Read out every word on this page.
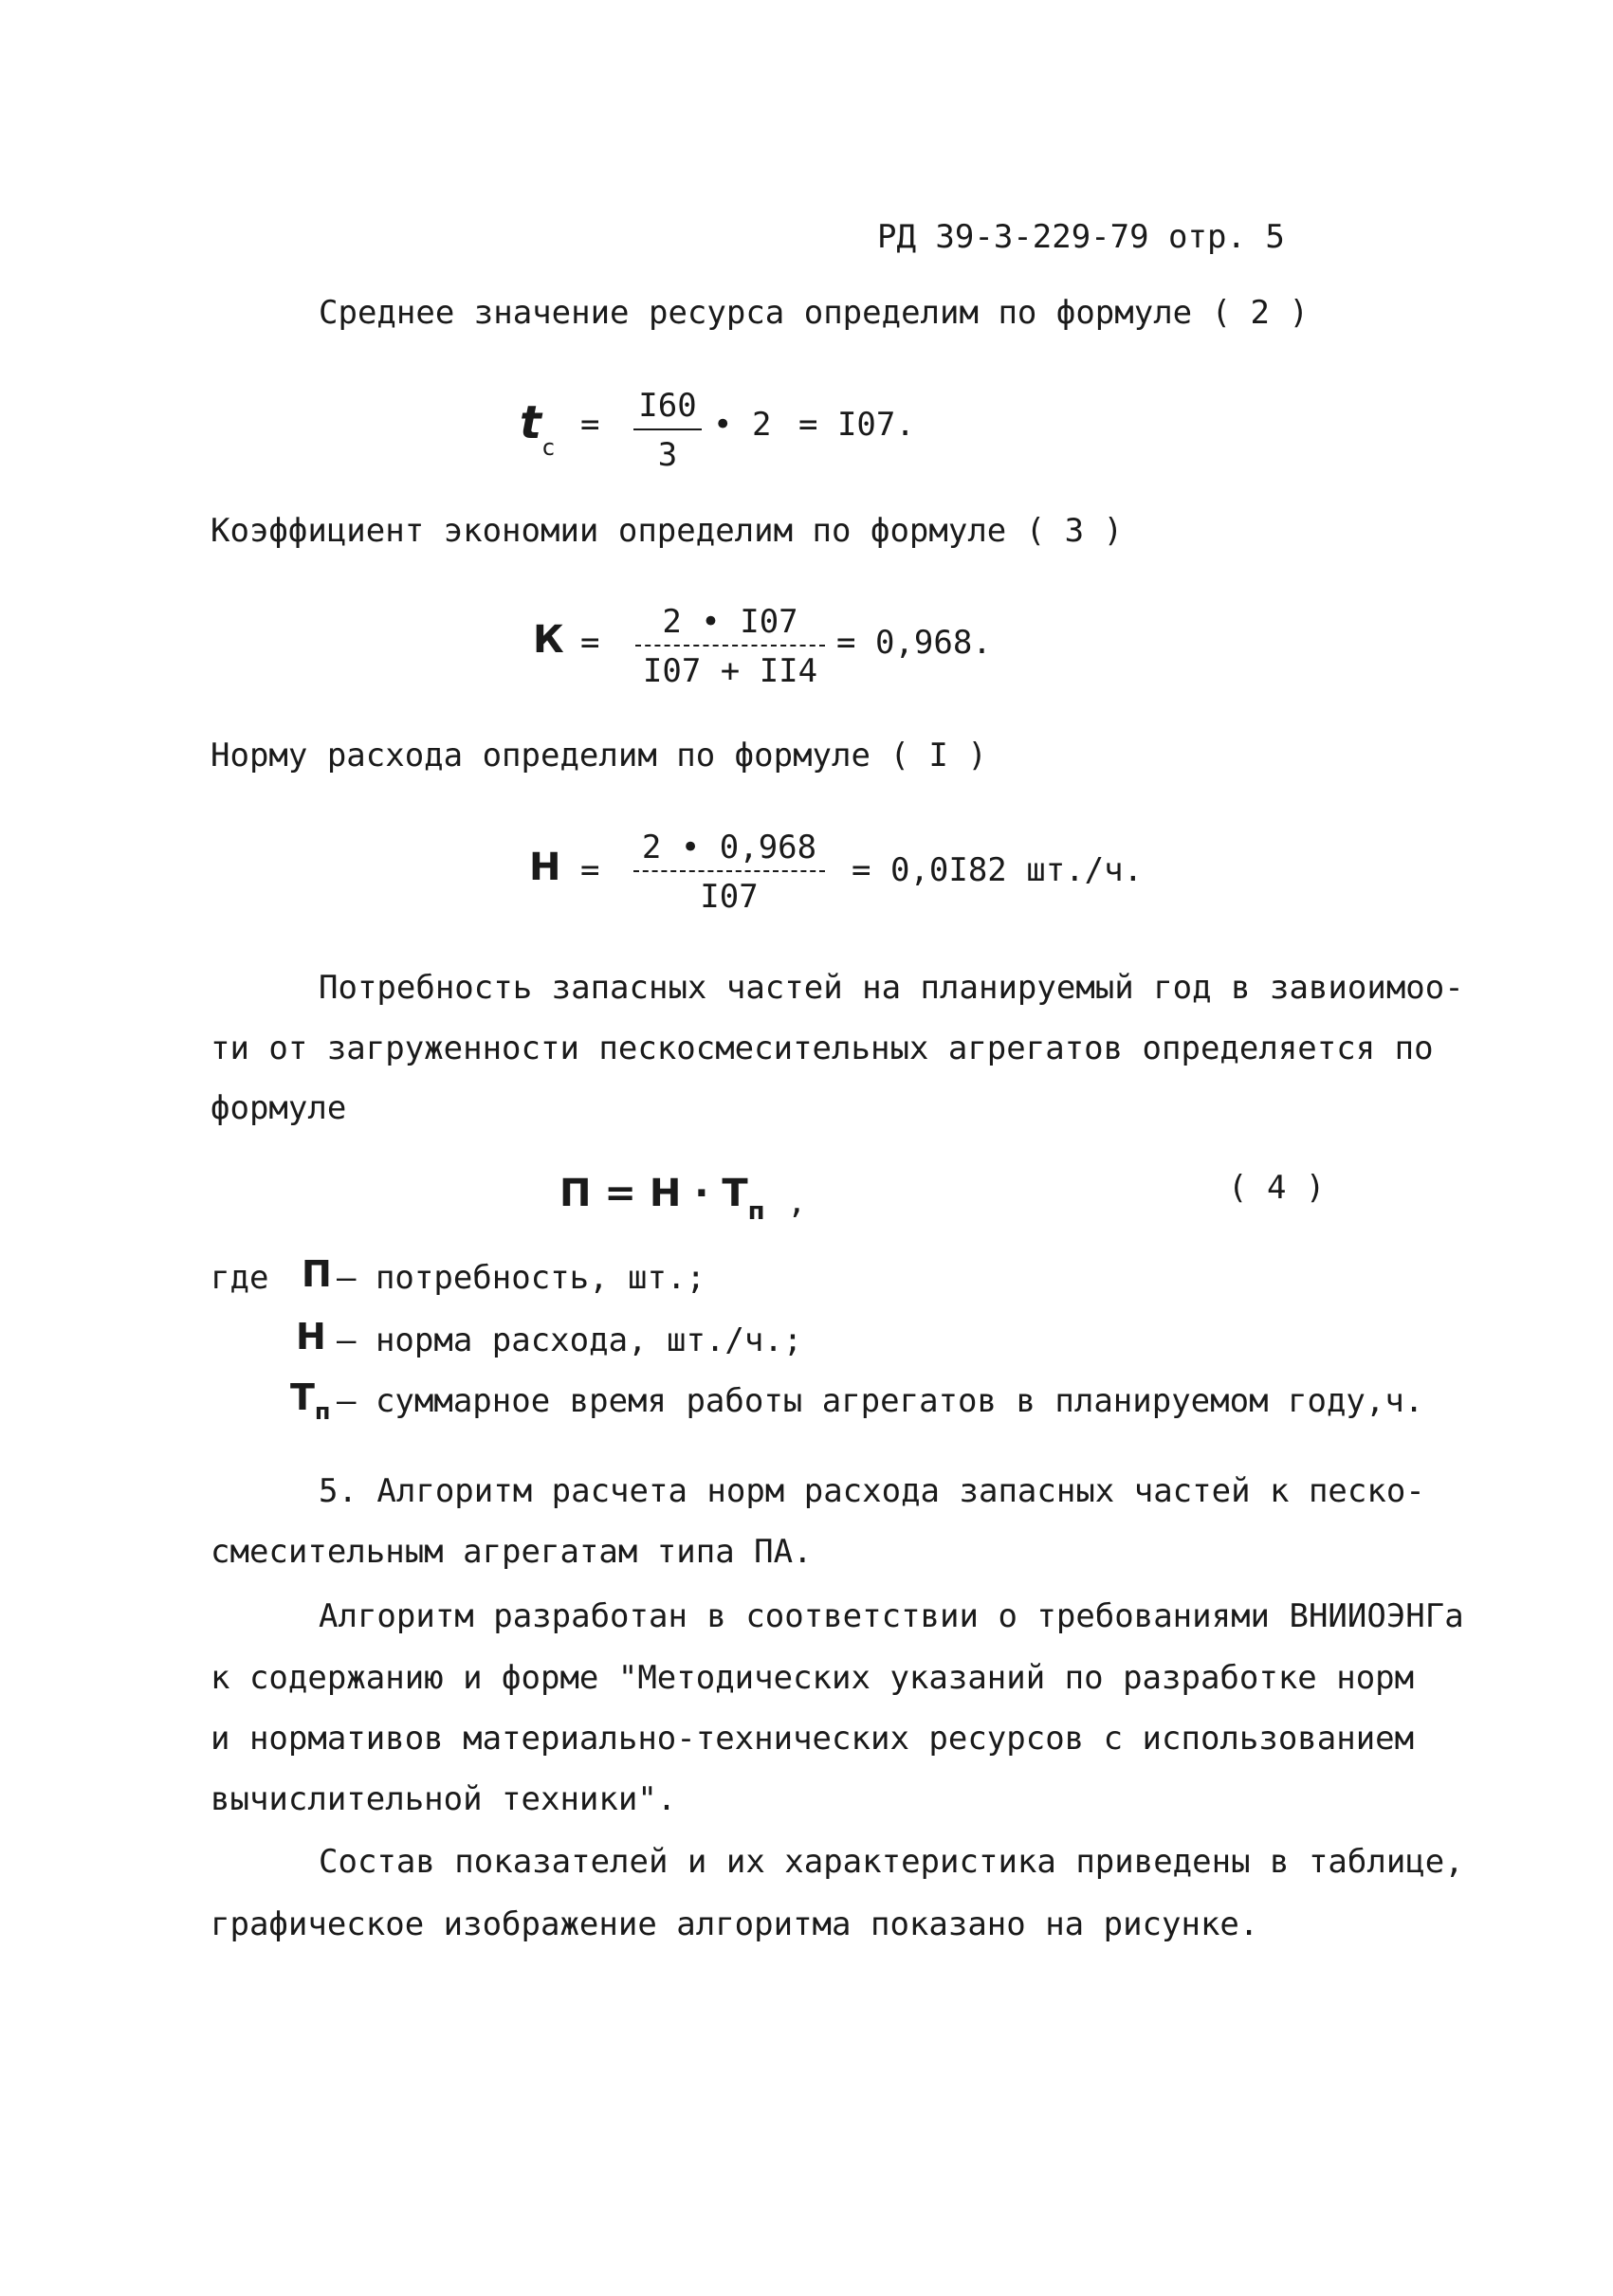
РД 39-3-229-79 отр. 5
Среднее значение ресурса определим по формуле ( 2 )
$t_c$
= $\frac{I60}{3}$ • 2 = I07.
Коэффициент экономии определим по формуле ( 3 )
$К = \frac{2 • I07}{I07 + II4} = 0,968$.
Норму расхода определим по формуле ( I )
$Н = \frac{2 • 0,968}{I07} = 0,0I82$ шт./ч.
Потребность запасных частей на планируемый год в завиоимоо-
ти от загруженности пескосмесительных агрегатов определяется по
формуле
$П = Н \cdot Т_п$ ,	( 4 )
где П – потребность, шт.;
Н – норма расхода, шт./ч.;
$Т_п$ – суммарное время работы агрегатов в планируемом году,ч.
5. Алгоритм расчета норм расхода запасных частей к песко-
смесительным агрегатам типа ПА.
Алгоритм разработан в соответствии о требованиями ВНИИОЭНГа
к содержанию и форме "Методических указаний по разработке норм
и нормативов материально-технических ресурсов с использованием
вычислительной техники".
Состав показателей и их характеристика приведены в таблице,
графическое изображение алгоритма показано на рисунке.
